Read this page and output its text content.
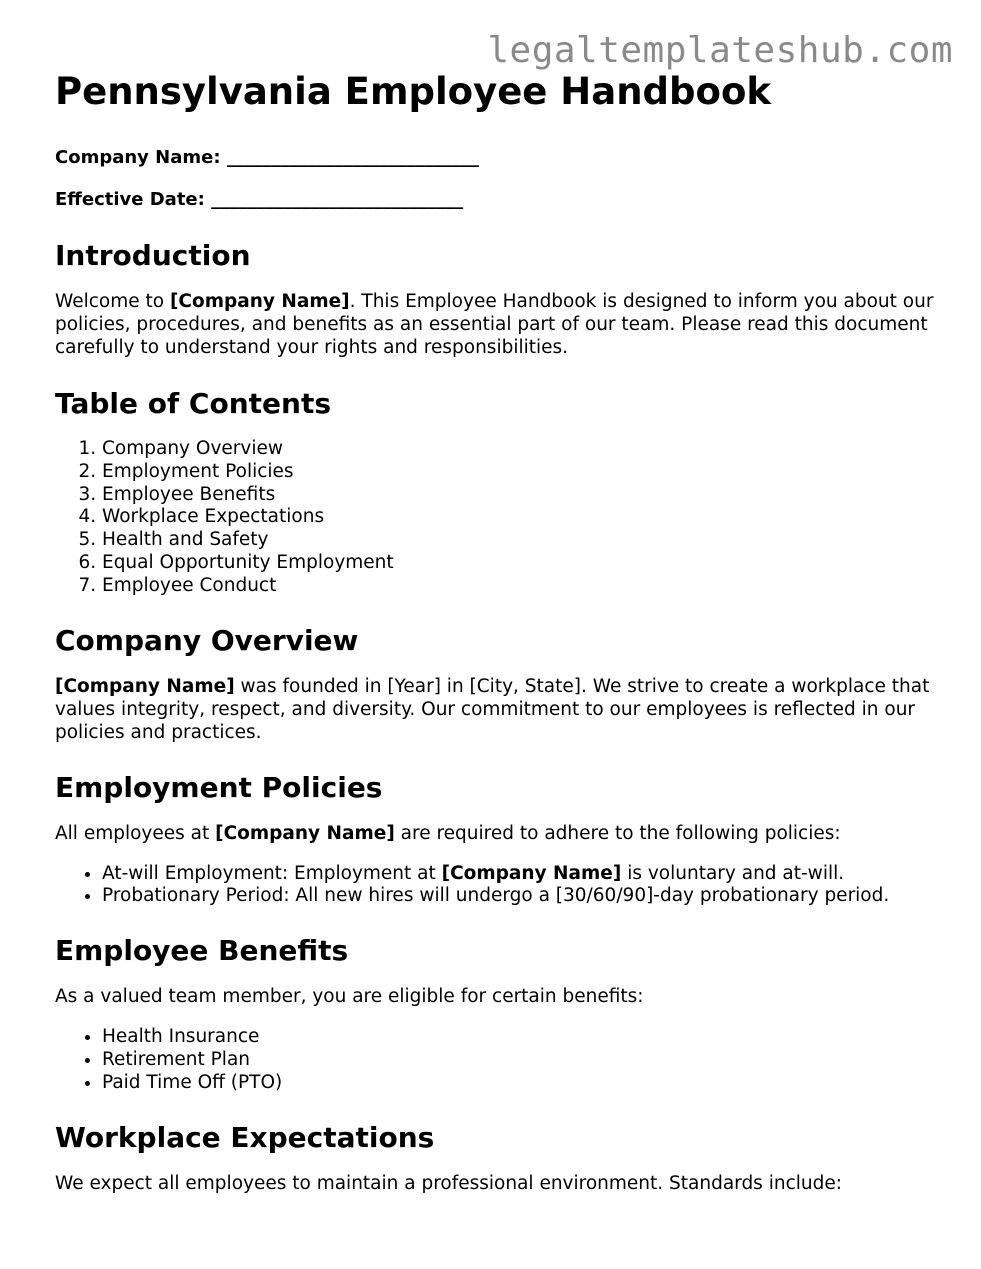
legaltemplateshub.com
Pennsylvania Employee Handbook
Company Name: ____________________________
Effective Date: ____________________________
Introduction

Welcome to [Company Name]. This Employee Handbook is designed to inform you about our policies, procedures, and benefits as an essential part of our team. Please read this document carefully to understand your rights and responsibilities.

Table of Contents
1. Company Overview
2. Employment Policies
3. Employee Benefits
4. Workplace Expectations
5. Health and Safety
6. Equal Opportunity Employment
7. Employee Conduct
Company Overview

[Company Name] was founded in [Year] in [City, State]. We strive to create a workplace that values integrity, respect, and diversity. Our commitment to our employees is reflected in our policies and practices.

Employment Policies

All employees at [Company Name] are required to adhere to the following policies:

• At-will Employment: Employment at [Company Name] is voluntary and at-will.
• Probationary Period: All new hires will undergo a [30/60/90]-day probationary period.
Employee Benefits

As a valued team member, you are eligible for certain benefits:

• Health Insurance
• Retirement Plan
• Paid Time Off (PTO)
Workplace Expectations

We expect all employees to maintain a professional environment. Standards include:
